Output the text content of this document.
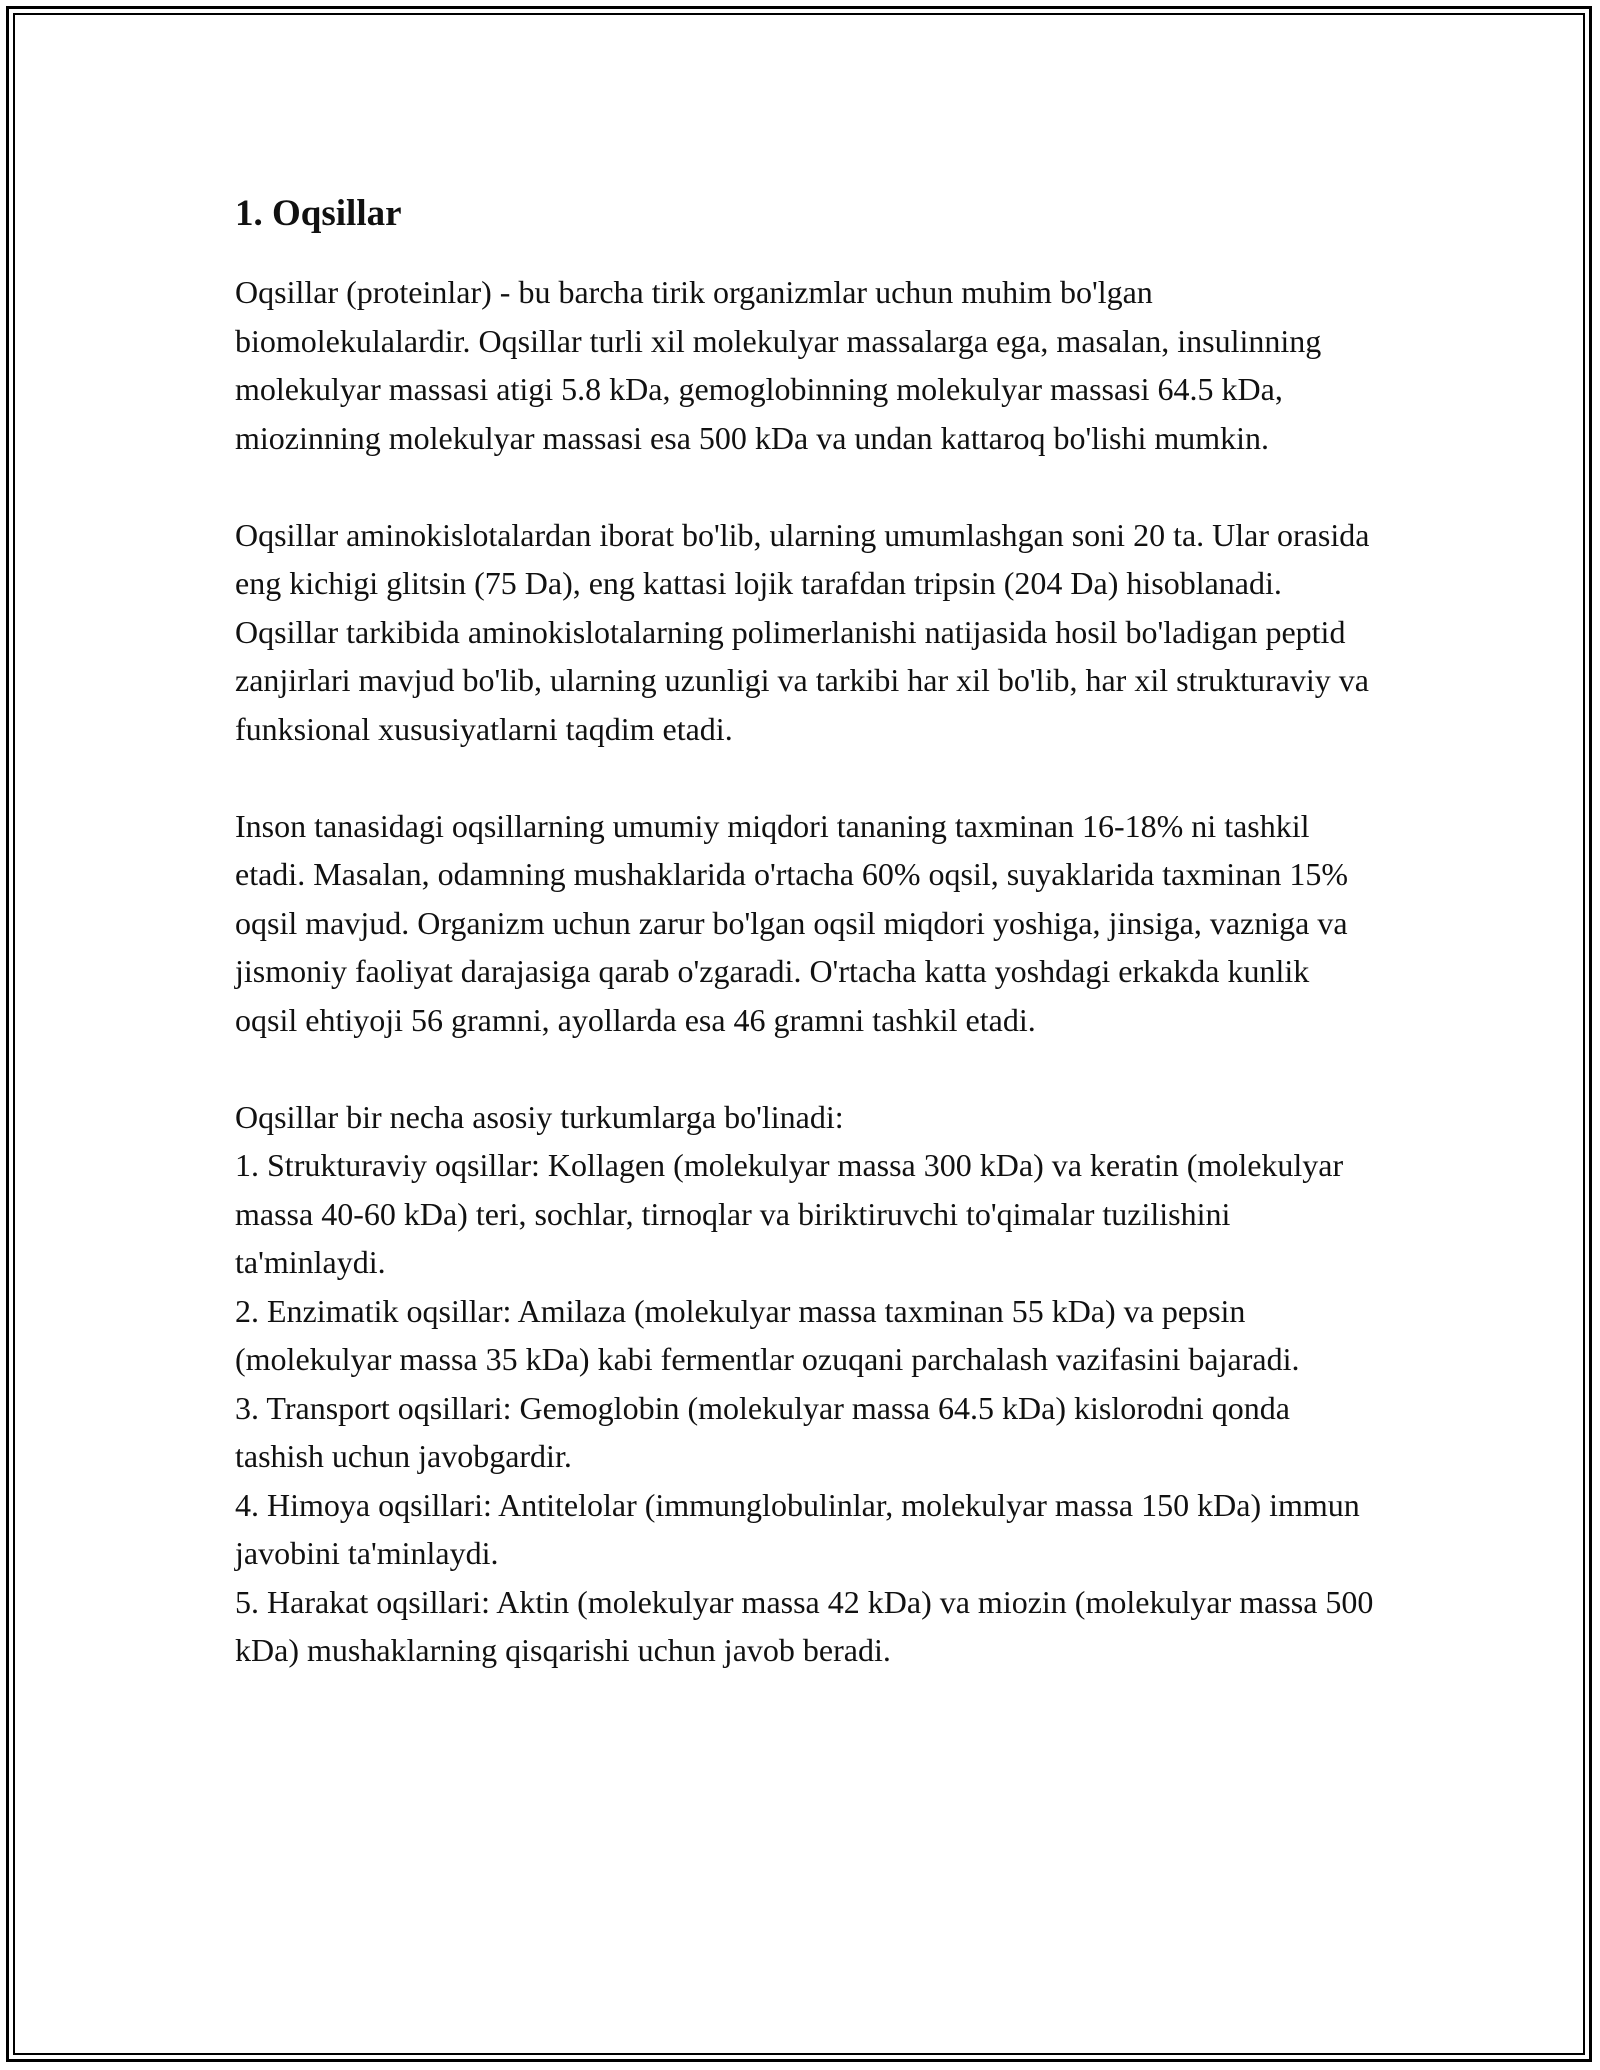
1. Oqsillar

Oqsillar (proteinlar) - bu barcha tirik organizmlar uchun muhim bo'lgan biomolekulalardir. Oqsillar turli xil molekulyar massalarga ega, masalan, insulinning molekulyar massasi atigi 5.8 kDa, gemoglobinning molekulyar massasi 64.5 kDa, miozinning molekulyar massasi esa 500 kDa va undan kattaroq bo'lishi mumkin.

Oqsillar aminokislotalardan iborat bo'lib, ularning umumlashgan soni 20 ta. Ular orasida eng kichigi glitsin (75 Da), eng kattasi lojik tarafdan tripsin (204 Da) hisoblanadi. Oqsillar tarkibida aminokislotalarning polimerlanishi natijasida hosil bo'ladigan peptid zanjirlari mavjud bo'lib, ularning uzunligi va tarkibi har xil bo'lib, har xil strukturaviy va funksional xususiyatlarni taqdim etadi.

Inson tanasidagi oqsillarning umumiy miqdori tananing taxminan 16-18% ni tashkil etadi. Masalan, odamning mushaklarida o'rtacha 60% oqsil, suyaklarida taxminan 15% oqsil mavjud. Organizm uchun zarur bo'lgan oqsil miqdori yoshiga, jinsiga, vazniga va jismoniy faoliyat darajasiga qarab o'zgaradi. O'rtacha katta yoshdagi erkakda kunlik oqsil ehtiyoji 56 gramni, ayollarda esa 46 gramni tashkil etadi.

Oqsillar bir necha asosiy turkumlarga bo'linadi:

1. Strukturaviy oqsillar: Kollagen (molekulyar massa 300 kDa) va keratin (molekulyar massa 40-60 kDa) teri, sochlar, tirnoqlar va biriktiruvchi to'qimalar tuzilishini ta'minlaydi.

2. Enzimatik oqsillar: Amilaza (molekulyar massa taxminan 55 kDa) va pepsin (molekulyar massa 35 kDa) kabi fermentlar ozuqani parchalash vazifasini bajaradi.

3. Transport oqsillari: Gemoglobin (molekulyar massa 64.5 kDa) kislorodni qonda tashish uchun javobgardir.

4. Himoya oqsillari: Antitelolar (immunglobulinlar, molekulyar massa 150 kDa) immun javobini ta'minlaydi.

5. Harakat oqsillari: Aktin (molekulyar massa 42 kDa) va miozin (molekulyar massa 500 kDa) mushaklarning qisqarishi uchun javob beradi.
